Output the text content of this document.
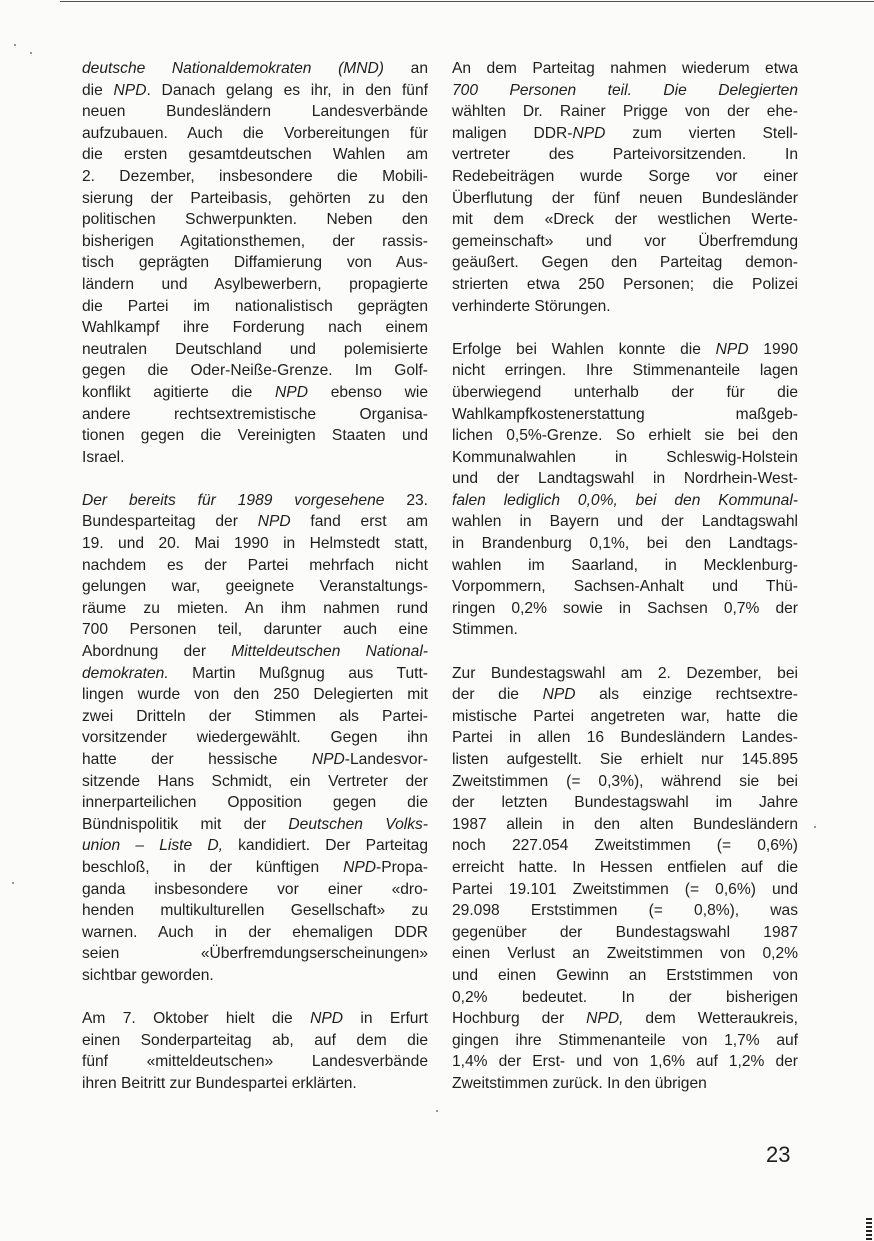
deutsche Nationaldemokraten (MND) an
die NPD. Danach gelang es ihr, in den fünf
neuen Bundesländern Landesverbände
aufzubauen. Auch die Vorbereitungen für
die ersten gesamtdeutschen Wahlen am
2. Dezember, insbesondere die Mobili-
sierung der Parteibasis, gehörten zu den
politischen Schwerpunkten. Neben den
bisherigen Agitationsthemen, der rassis-
tisch geprägten Diffamierung von Aus-
ländern und Asylbewerbern, propagierte
die Partei im nationalistisch geprägten
Wahlkampf ihre Forderung nach einem
neutralen Deutschland und polemisierte
gegen die Oder-Neiße-Grenze. Im Golf-
konflikt agitierte die NPD ebenso wie
andere rechtsextremistische Organisa-
tionen gegen die Vereinigten Staaten und
Israel.

Der bereits für 1989 vorgesehene 23.
Bundesparteitag der NPD fand erst am
19. und 20. Mai 1990 in Helmstedt statt,
nachdem es der Partei mehrfach nicht
gelungen war, geeignete Veranstaltungs-
räume zu mieten. An ihm nahmen rund
700 Personen teil, darunter auch eine
Abordnung der Mitteldeutschen National-
demokraten. Martin Mußgnug aus Tutt-
lingen wurde von den 250 Delegierten mit
zwei Dritteln der Stimmen als Partei-
vorsitzender wiedergewählt. Gegen ihn
hatte der hessische NPD-Landesvor-
sitzende Hans Schmidt, ein Vertreter der
innerparteilichen Opposition gegen die
Bündnispolitik mit der Deutschen Volks-
union – Liste D, kandidiert. Der Parteitag
beschloß, in der künftigen NPD-Propa-
ganda insbesondere vor einer «dro-
henden multikulturellen Gesellschaft» zu
warnen. Auch in der ehemaligen DDR
seien «Überfremdungserscheinungen»
sichtbar geworden.

Am 7. Oktober hielt die NPD in Erfurt
einen Sonderparteitag ab, auf dem die
fünf «mitteldeutschen» Landesverbände
ihren Beitritt zur Bundespartei erklärten.

An dem Parteitag nahmen wiederum etwa
700 Personen teil. Die Delegierten
wählten Dr. Rainer Prigge von der ehe-
maligen DDR-NPD zum vierten Stell-
vertreter des Parteivorsitzenden. In
Redebeiträgen wurde Sorge vor einer
Überflutung der fünf neuen Bundesländer
mit dem «Dreck der westlichen Werte-
gemeinschaft» und vor Überfremdung
geäußert. Gegen den Parteitag demon-
strierten etwa 250 Personen; die Polizei
verhinderte Störungen.

Erfolge bei Wahlen konnte die NPD 1990
nicht erringen. Ihre Stimmenanteile lagen
überwiegend unterhalb der für die
Wahlkampfkostenerstattung maßgeb-
lichen 0,5%-Grenze. So erhielt sie bei den
Kommunalwahlen in Schleswig-Holstein
und der Landtagswahl in Nordrhein-West-
falen lediglich 0,0%, bei den Kommunal-
wahlen in Bayern und der Landtagswahl
in Brandenburg 0,1%, bei den Landtags-
wahlen im Saarland, in Mecklenburg-
Vorpommern, Sachsen-Anhalt und Thü-
ringen 0,2% sowie in Sachsen 0,7% der
Stimmen.

Zur Bundestagswahl am 2. Dezember, bei
der die NPD als einzige rechtsextre-
mistische Partei angetreten war, hatte die
Partei in allen 16 Bundesländern Landes-
listen aufgestellt. Sie erhielt nur 145.895
Zweitstimmen (= 0,3%), während sie bei
der letzten Bundestagswahl im Jahre
1987 allein in den alten Bundesländern
noch 227.054 Zweitstimmen (= 0,6%)
erreicht hatte. In Hessen entfielen auf die
Partei 19.101 Zweitstimmen (= 0,6%) und
29.098 Erststimmen (= 0,8%), was
gegenüber der Bundestagswahl 1987
einen Verlust an Zweitstimmen von 0,2%
und einen Gewinn an Erststimmen von
0,2% bedeutet. In der bisherigen
Hochburg der NPD, dem Wetteraukreis,
gingen ihre Stimmenanteile von 1,7% auf
1,4% der Erst- und von 1,6% auf 1,2% der
Zweitstimmen zurück. In den übrigen

23
